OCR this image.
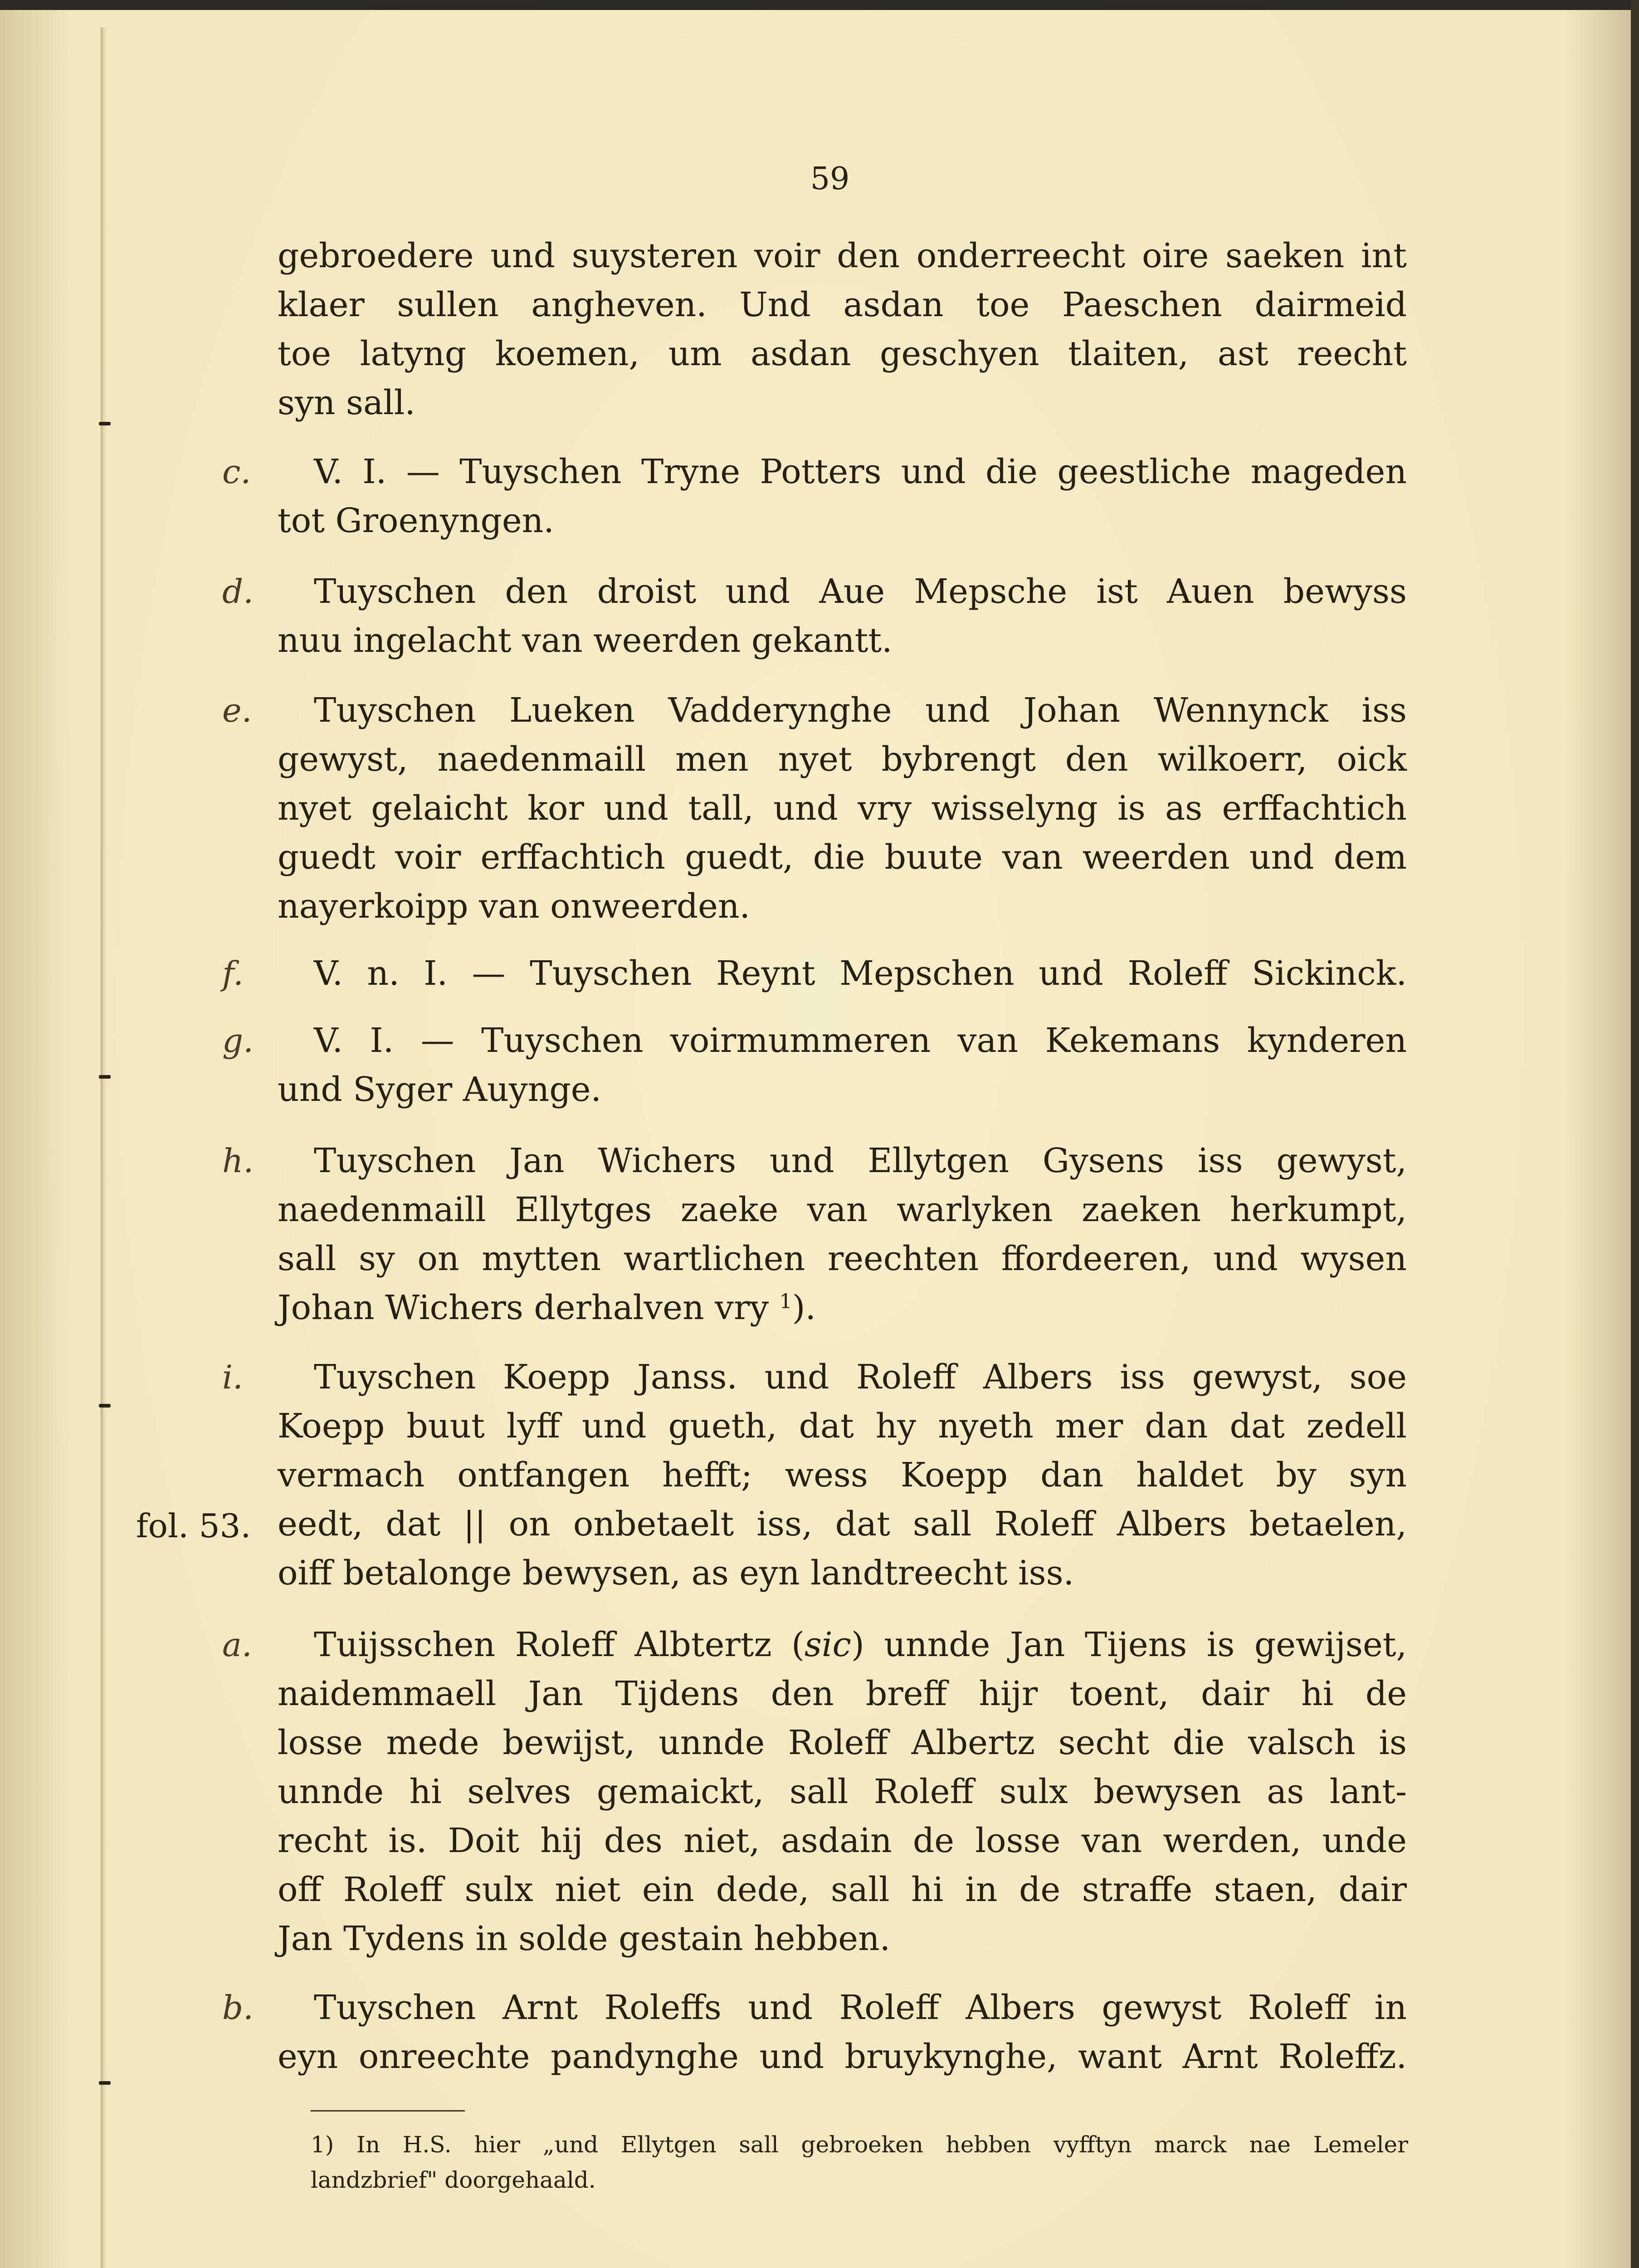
59
gebroedere und suysteren voir den onderreecht oire saeken int
klaer sullen angheven. Und asdan toe Paeschen dairmeid
toe latyng koemen, um asdan geschyen tlaiten, ast reecht
syn sall.
c. V. I. — Tuyschen Tryne Potters und die geestliche mageden
tot Groenyngen.
d. Tuyschen den droist und Aue Mepsche ist Auen bewyss
nuu ingelacht van weerden gekantt.
e. Tuyschen Lueken Vadderynghe und Johan Wennynck iss
gewyst, naedenmaill men nyet bybrengt den wilkoerr, oick
nyet gelaicht kor und tall, und vry wisselyng is as erffachtich
guedt voir erffachtich guedt, die buute van weerden und dem
nayerkoipp van onweerden.
f.	V. n. I. — Tuyschen Reynt Mepschen und Roleff Sickinck.
g. V. I. — Tuyschen voirmummeren van Kekemans kynderen
und Syger Auynge.
h. Tuyschen Jan Wichers und Ellytgen Gysens iss gewyst,
naedenmaill Ellytges zaeke van warlyken zaeken herkumpt,
sall sy on mytten wartlichen reechten ffordeeren, und wysen
Johan Wichers derhalven vry $^1$).
i.	Tuyschen Koepp Janss. und Roleff Albers iss gewyst, soe
Koepp buut lyff und gueth, dat hy nyeth mer dan dat zedell
vermach ontfangen hefft; wess Koepp dan haldet by syn
fol. 53. eedt, dat || on onbetaelt iss, dat sall Roleff Albers betaelen,
oiff betalonge bewysen, as eyn landtreecht iss.
a. Tuijsschen Roleff Albtertz (sic) unnde Jan Tijens is gewijset,
naidemmaell Jan Tijdens den breff hijr toent, dair hi de
losse mede bewijst, unnde Roleff Albertz secht die valsch is
unnde hi selves gemaickt, sall Roleff sulx bewysen as lant-
recht is. Doit hij des niet, asdain de losse van werden, unde
off Roleff sulx niet ein dede, sall hi in de straffe staen, dair
Jan Tydens in solde gestain hebben.
b. Tuyschen Arnt Roleffs und Roleff Albers gewyst Roleff in
eyn onreechte pandynghe und bruykynghe, want Arnt Roleffz.
1) In H.S. hier „und Ellytgen sall gebroeken hebben vyfftyn marck nae Lemeler
landzbrief" doorgehaald.
